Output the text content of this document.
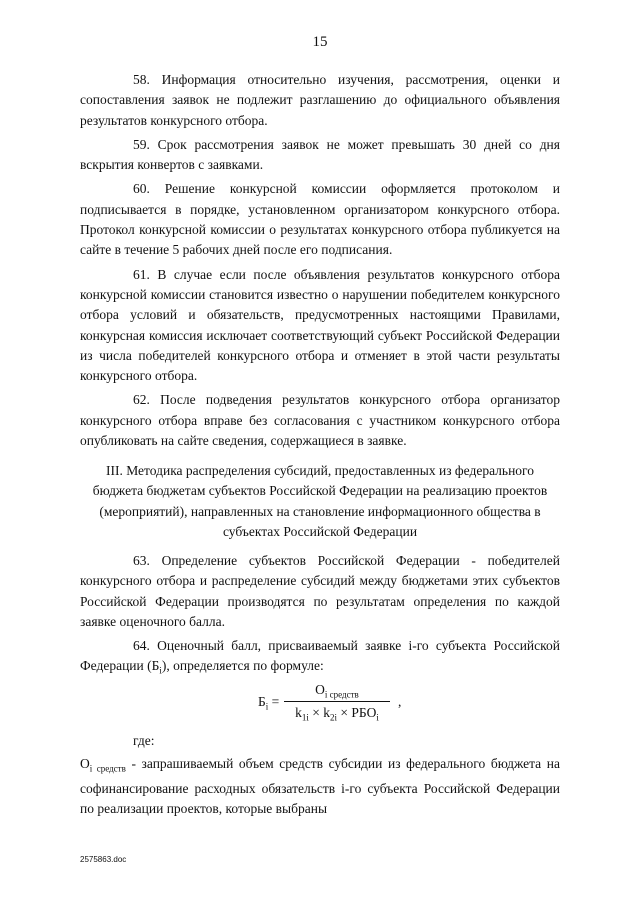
15

58. Информация относительно изучения, рассмотрения, оценки и сопоставления заявок не подлежит разглашению до официального объявления результатов конкурсного отбора.

59. Срок рассмотрения заявок не может превышать 30 дней со дня вскрытия конвертов с заявками.

60. Решение конкурсной комиссии оформляется протоколом и подписывается в порядке, установленном организатором конкурсного отбора. Протокол конкурсной комиссии о результатах конкурсного отбора публикуется на сайте в течение 5 рабочих дней после его подписания.

61. В случае если после объявления результатов конкурсного отбора конкурсной комиссии становится известно о нарушении победителем конкурсного отбора условий и обязательств, предусмотренных настоящими Правилами, конкурсная комиссия исключает соответствующий субъект Российской Федерации из числа победителей конкурсного отбора и отменяет в этой части результаты конкурсного отбора.

62. После подведения результатов конкурсного отбора организатор конкурсного отбора вправе без согласования с участником конкурсного отбора опубликовать на сайте сведения, содержащиеся в заявке.

III. Методика распределения субсидий, предоставленных из федерального бюджета бюджетам субъектов Российской Федерации на реализацию проектов (мероприятий), направленных на становление информационного общества в субъектах Российской Федерации

63. Определение субъектов Российской Федерации - победителей конкурсного отбора и распределение субсидий между бюджетами этих субъектов Российской Федерации производятся по результатам определения по каждой заявке оценочного балла.

64. Оценочный балл, присваиваемый заявке i-го субъекта Российской Федерации $(Б_i)$, определяется по формуле:

$Б_i$ =
$О_{i средств}$
$k_{1i} \times k_{2i} \times РБО_i$
,
где:

$О_{i средств}$ - запрашиваемый объем средств субсидии из федерального бюджета на софинансирование расходных обязательств i-го субъекта Российской Федерации по реализации проектов, которые выбраны

2575863.doc
